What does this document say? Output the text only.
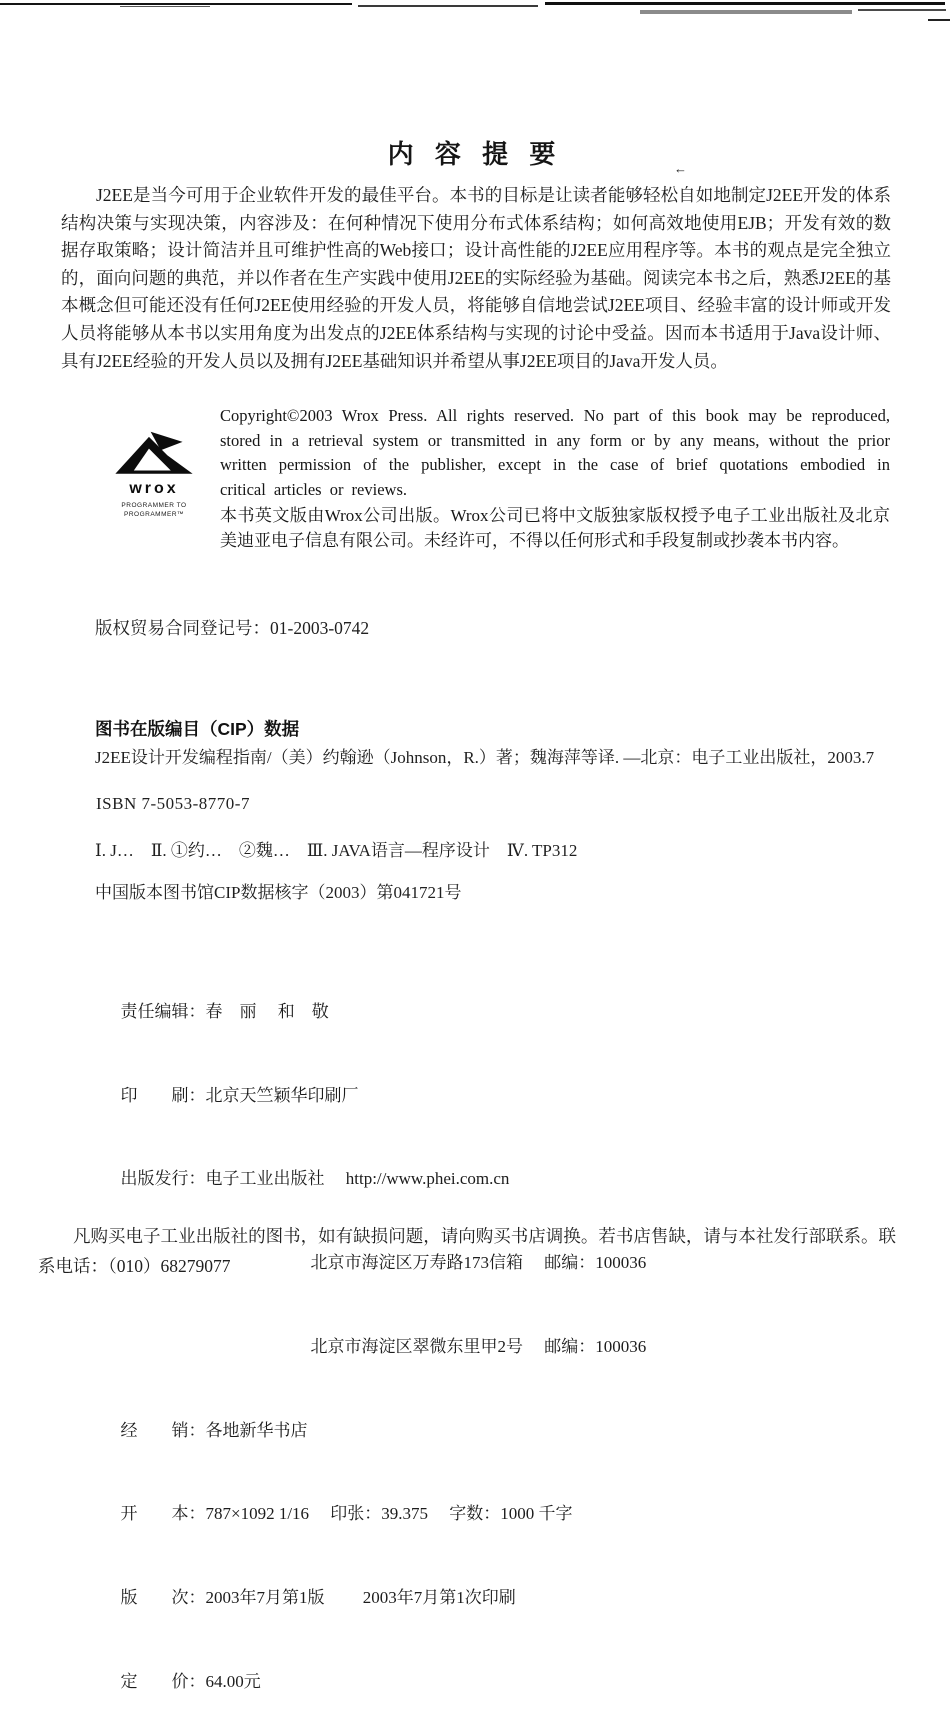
内 容 提 要	←
J2EE是当今可用于企业软件开发的最佳平台。本书的目标是让读者能够轻松自如地制定J2EE开发的体系结构决策与实现决策，内容涉及：在何种情况下使用分布式体系结构；如何高效地使用EJB；开发有效的数据存取策略；设计简洁并且可维护性高的Web接口；设计高性能的J2EE应用程序等。本书的观点是完全独立的，面向问题的典范，并以作者在生产实践中使用J2EE的实际经验为基础。阅读完本书之后，熟悉J2EE的基本概念但可能还没有任何J2EE使用经验的开发人员，将能够自信地尝试J2EE项目、经验丰富的设计师或开发人员将能够从本书以实用角度为出发点的J2EE体系结构与实现的讨论中受益。因而本书适用于Java设计师、具有J2EE经验的开发人员以及拥有J2EE基础知识并希望从事J2EE项目的Java开发人员。
wrox
PROGRAMMER TO
PROGRAMMER™

Copyright©2003 Wrox Press. All rights reserved. No part of this book may be reproduced, stored in a retrieval system or transmitted in any form or by any means, without the prior written permission of the publisher, except in the case of brief quotations embodied in critical articles or reviews.

本书英文版由Wrox公司出版。Wrox公司已将中文版独家版权授予电子工业出版社及北京美迪亚电子信息有限公司。未经许可，不得以任何形式和手段复制或抄袭本书内容。

版权贸易合同登记号：01-2003-0742
图书在版编目（CIP）数据
J2EE设计开发编程指南/（美）约翰逊（Johnson，R.）著；魏海萍等译. —北京：电子工业出版社，2003.7
ISBN 7-5053-8770-7
Ⅰ. J…　Ⅱ. ①约…　②魏…　Ⅲ. JAVA语言—程序设计　Ⅳ. TP312
中国版本图书馆CIP数据核字（2003）第041721号

责任编辑：春　丽　 和　敬

印　　刷：北京天竺颖华印刷厂

出版发行：电子工业出版社　 http://www.phei.com.cn

北京市海淀区万寿路173信箱　 邮编：100036

北京市海淀区翠微东里甲2号　 邮编：100036

经　　销：各地新华书店

开　　本：787×1092 1/16　 印张：39.375　 字数：1000 千字

版　　次：2003年7月第1版　　 2003年7月第1次印刷

定　　价：64.00元

凡购买电子工业出版社的图书，如有缺损问题，请向购买书店调换。若书店售缺，请与本社发行部联系。联系电话：（010）68279077
